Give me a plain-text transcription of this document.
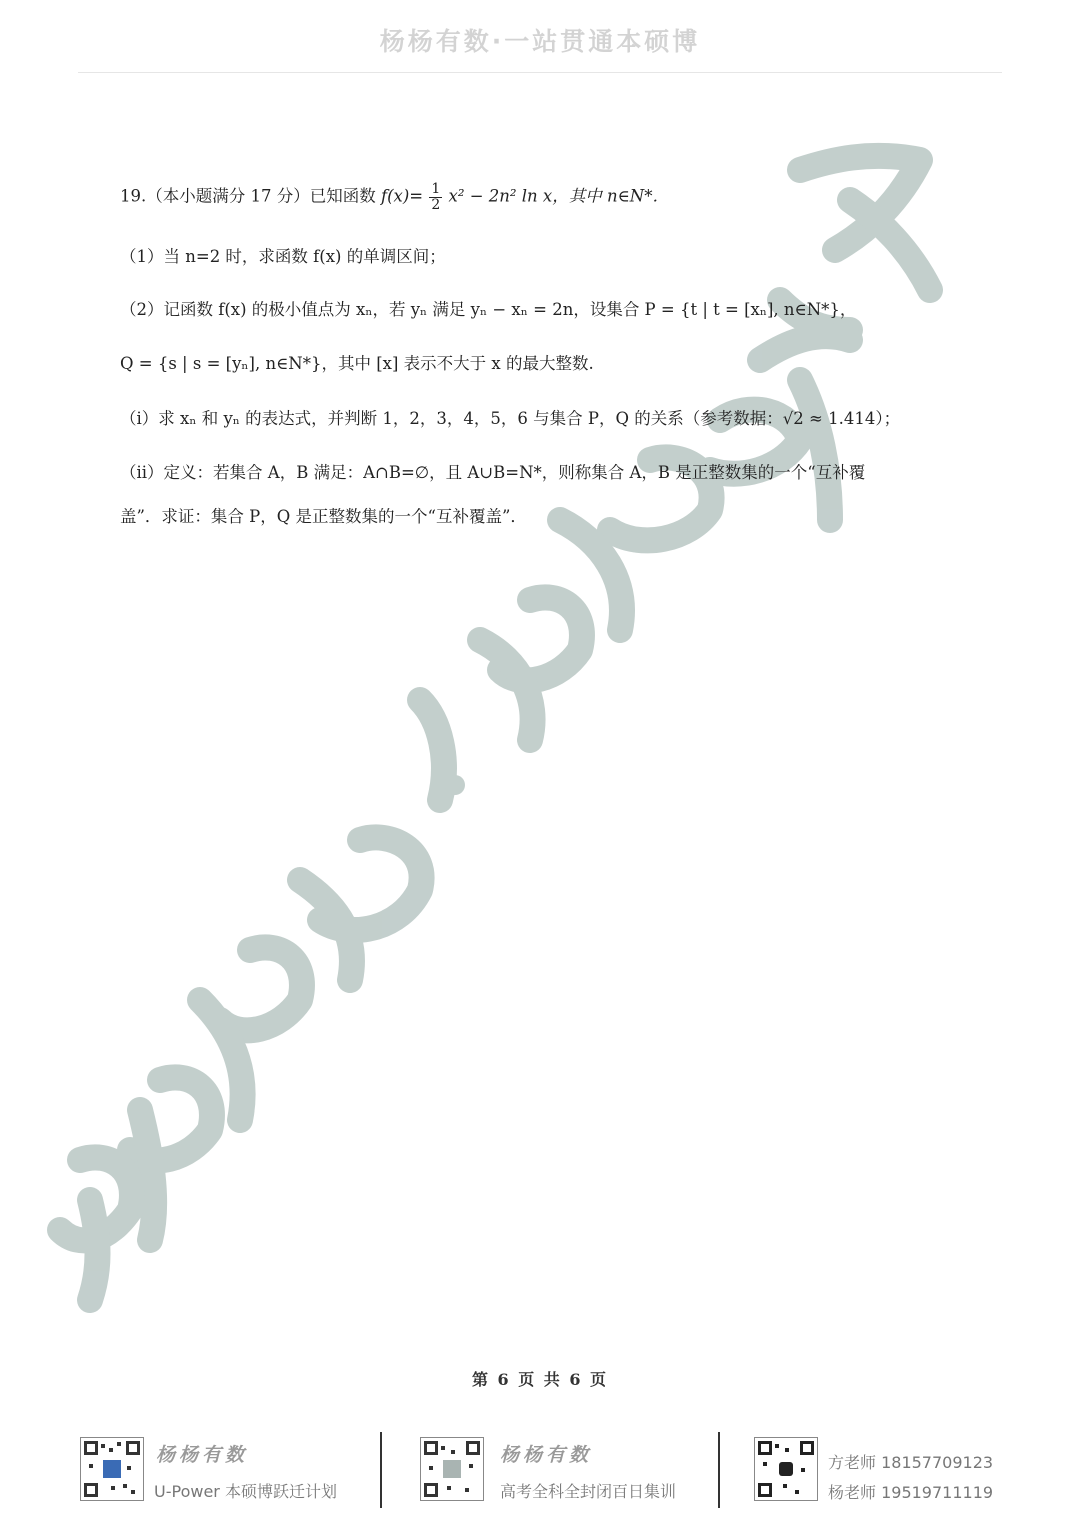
杨杨有数·一站贯通本硕博
19.（本小题满分 17 分）已知函数 $f(x)= \frac{1}{2} x^2 - 2n^2$ ln x，其中 n∈N*．
（1）当 n=2 时，求函数 f(x) 的单调区间；
（2）记函数 f(x) 的极小值点为 xₙ，若 yₙ 满足 yₙ − xₙ = 2n，设集合 P = {t | t = [xₙ], n∈N*}，
Q = {s | s = [yₙ], n∈N*}，其中 [x] 表示不大于 x 的最大整数.
（i）求 xₙ 和 yₙ 的表达式，并判断 1，2，3，4，5，6 与集合 P，Q 的关系（参考数据：√2 ≈ 1.414）；
（ii）定义：若集合 A，B 满足：A∩B=∅，且 A∪B=N*，则称集合 A，B 是正整数集的一个“互补覆
盖”．求证：集合 P，Q 是正整数集的一个“互补覆盖”．
第 6 页 共 6 页
杨杨有数
U-Power 本硕博跃迁计划
杨杨有数
高考全科全封闭百日集训
方老师 18157709123
杨老师 19519711119
